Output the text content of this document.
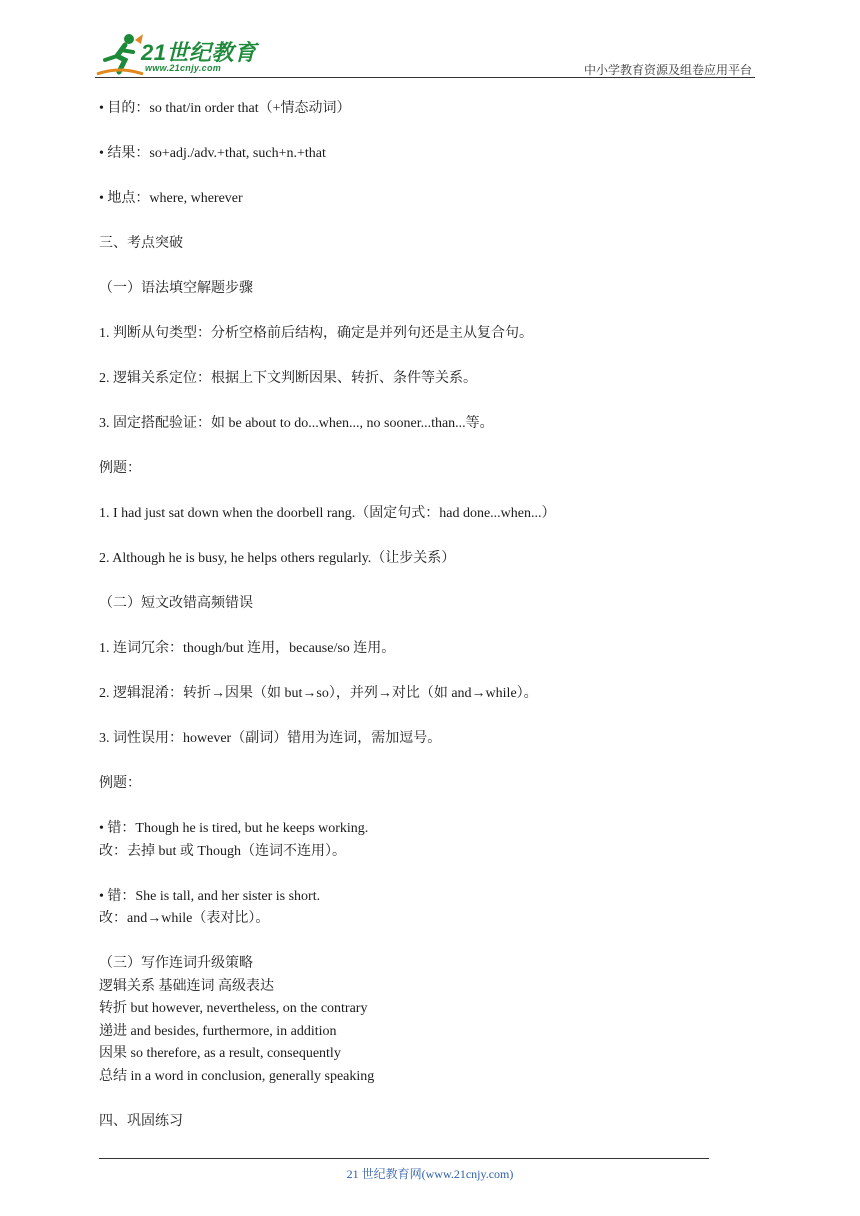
21世纪教育
www.21cnjy.com	中小学教育资源及组卷应用平台
• 目的：so that/in order that（+情态动词）
• 结果：so+adj./adv.+that, such+n.+that
• 地点：where, wherever
三、考点突破
（一）语法填空解题步骤
1. 判断从句类型：分析空格前后结构，确定是并列句还是主从复合句。
2. 逻辑关系定位：根据上下文判断因果、转折、条件等关系。
3. 固定搭配验证：如 be about to do...when..., no sooner...than...等。
例题：
1. I had just sat down when the doorbell rang.（固定句式：had done...when...）
2. Although he is busy, he helps others regularly.（让步关系）
（二）短文改错高频错误
1. 连词冗余：though/but 连用，because/so 连用。
2. 逻辑混淆：转折→因果（如 but→so），并列→对比（如 and→while）。
3. 词性误用：however（副词）错用为连词，需加逗号。
例题：
• 错：Though he is tired, but he keeps working.
改：去掉 but 或 Though（连词不连用）。
• 错：She is tall, and her sister is short.
改：and→while（表对比）。
（三）写作连词升级策略
逻辑关系 基础连词 高级表达
转折 but however, nevertheless, on the contrary
递进 and besides, furthermore, in addition
因果 so therefore, as a result, consequently
总结 in a word in conclusion, generally speaking
四、巩固练习
21 世纪教育网(www.21cnjy.com)
